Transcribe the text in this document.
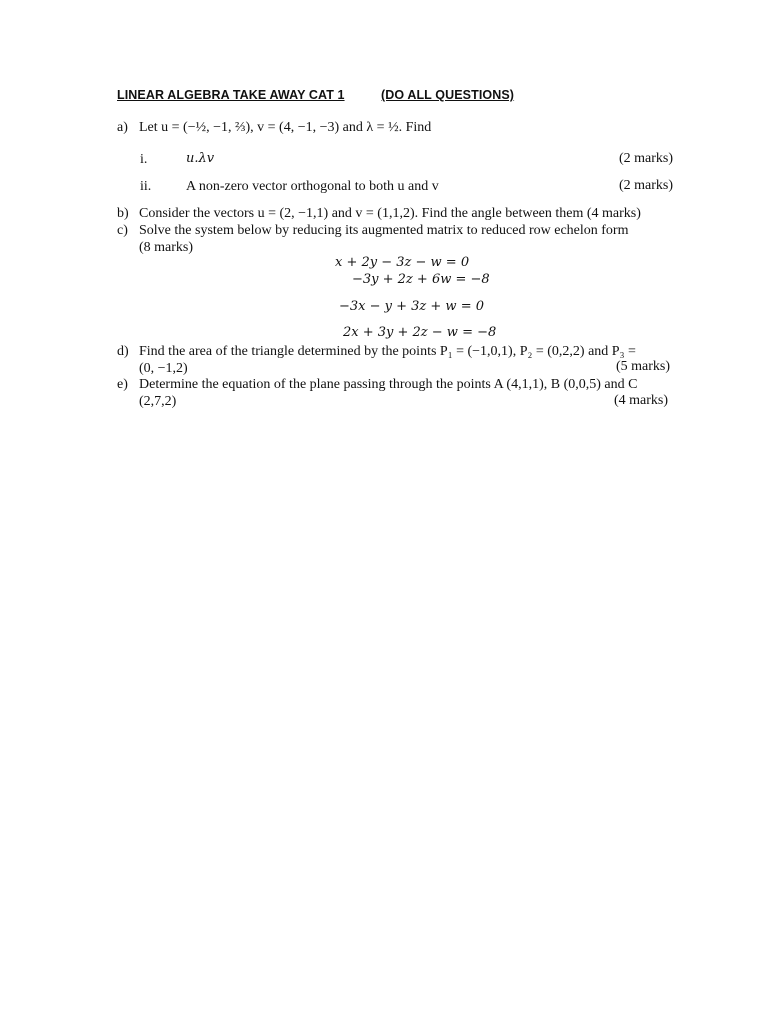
LINEAR ALGEBRA TAKE AWAY CAT 1	(DO ALL QUESTIONS)
a) Let u = (−½, −1, ⅔), v = (4, −1, −3) and λ = ½. Find
i.	u.λv	(2 marks)
ii. A non-zero vector orthogonal to both u and v	(2 marks)
b) Consider the vectors u = (2, −1,1) and v = (1,1,2). Find the angle between them (4 marks)
c) Solve the system below by reducing its augmented matrix to reduced row echelon form
(8 marks)
x + 2y − 3z − w = 0
−3y + 2z + 6w = −8
−3x − y + 3z + w = 0
2x + 3y + 2z − w = −8
d) Find the area of the triangle determined by the points P₁ = (−1,0,1), P₂ = (0,2,2) and P₃ =
(0, −1,2)	(5 marks)
e) Determine the equation of the plane passing through the points A (4,1,1), B (0,0,5) and C
(2,7,2)	(4 marks)
